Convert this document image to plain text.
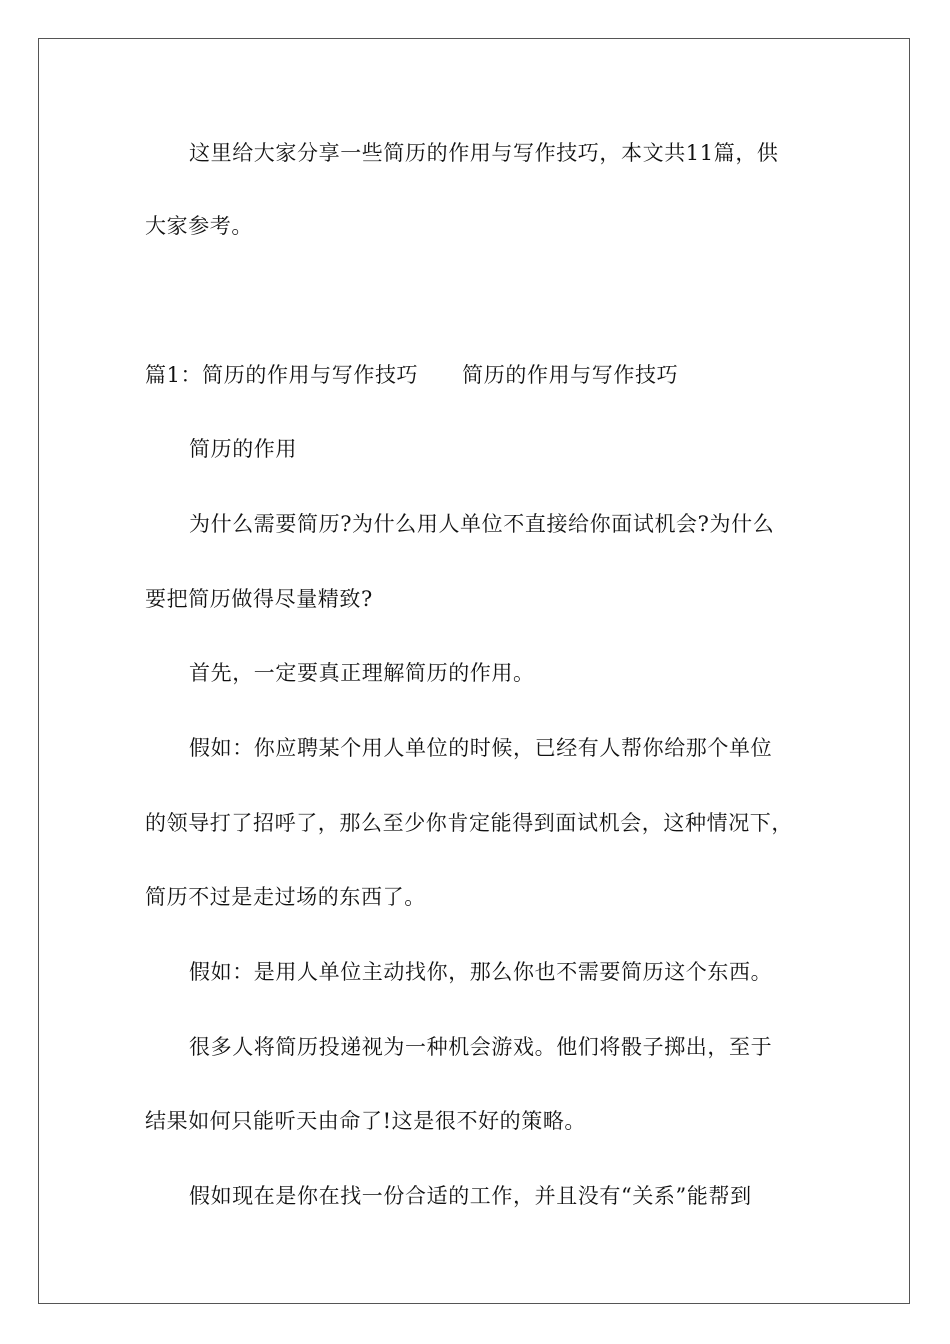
这里给大家分享一些简历的作用与写作技巧，本文共11篇，供
大家参考。
篇1：简历的作用与写作技巧 简历的作用与写作技巧
简历的作用
为什么需要简历?为什么用人单位不直接给你面试机会?为什么
要把简历做得尽量精致?
首先，一定要真正理解简历的作用。
假如：你应聘某个用人单位的时候，已经有人帮你给那个单位
的领导打了招呼了，那么至少你肯定能得到面试机会，这种情况下，
简历不过是走过场的东西了。
假如：是用人单位主动找你，那么你也不需要简历这个东西。
很多人将简历投递视为一种机会游戏。他们将骰子掷出，至于
结果如何只能听天由命了!这是很不好的策略。
假如现在是你在找一份合适的工作，并且没有“关系”能帮到
